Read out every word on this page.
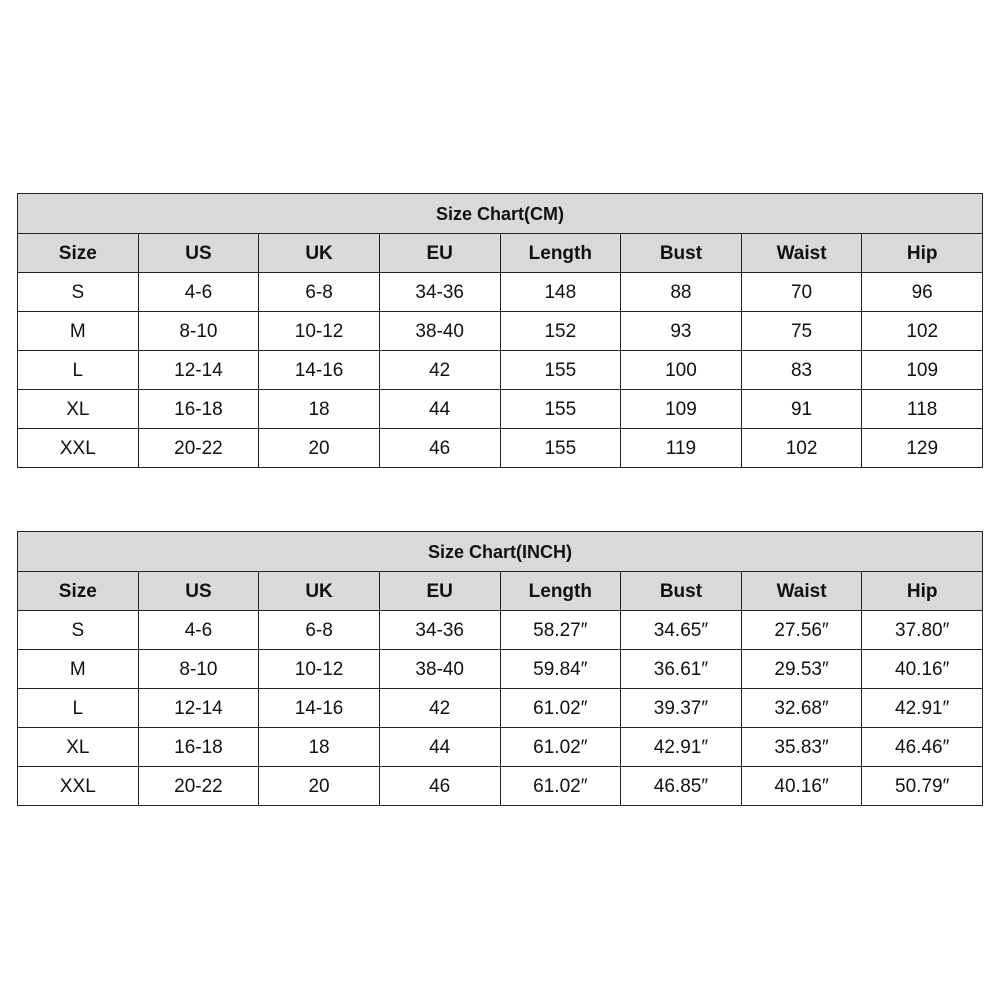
Size Chart(CM)							
Size	US	UK	EU	Length	Bust	Waist	Hip
S	4-6	6-8	34-36	148	88	70	96
M	8-10	10-12	38-40	152	93	75	102
L	12-14	14-16	42	155	100	83	109
XL	16-18	18	44	155	109	91	118
XXL	20-22	20	46	155	119	102	129
Size Chart(INCH)							
Size	US	UK	EU	Length	Bust	Waist	Hip
S	4-6	6-8	34-36	58.27″	34.65″	27.56″	37.80″
M	8-10	10-12	38-40	59.84″	36.61″	29.53″	40.16″
L	12-14	14-16	42	61.02″	39.37″	32.68″	42.91″
XL	16-18	18	44	61.02″	42.91″	35.83″	46.46″
XXL	20-22	20	46	61.02″	46.85″	40.16″	50.79″
